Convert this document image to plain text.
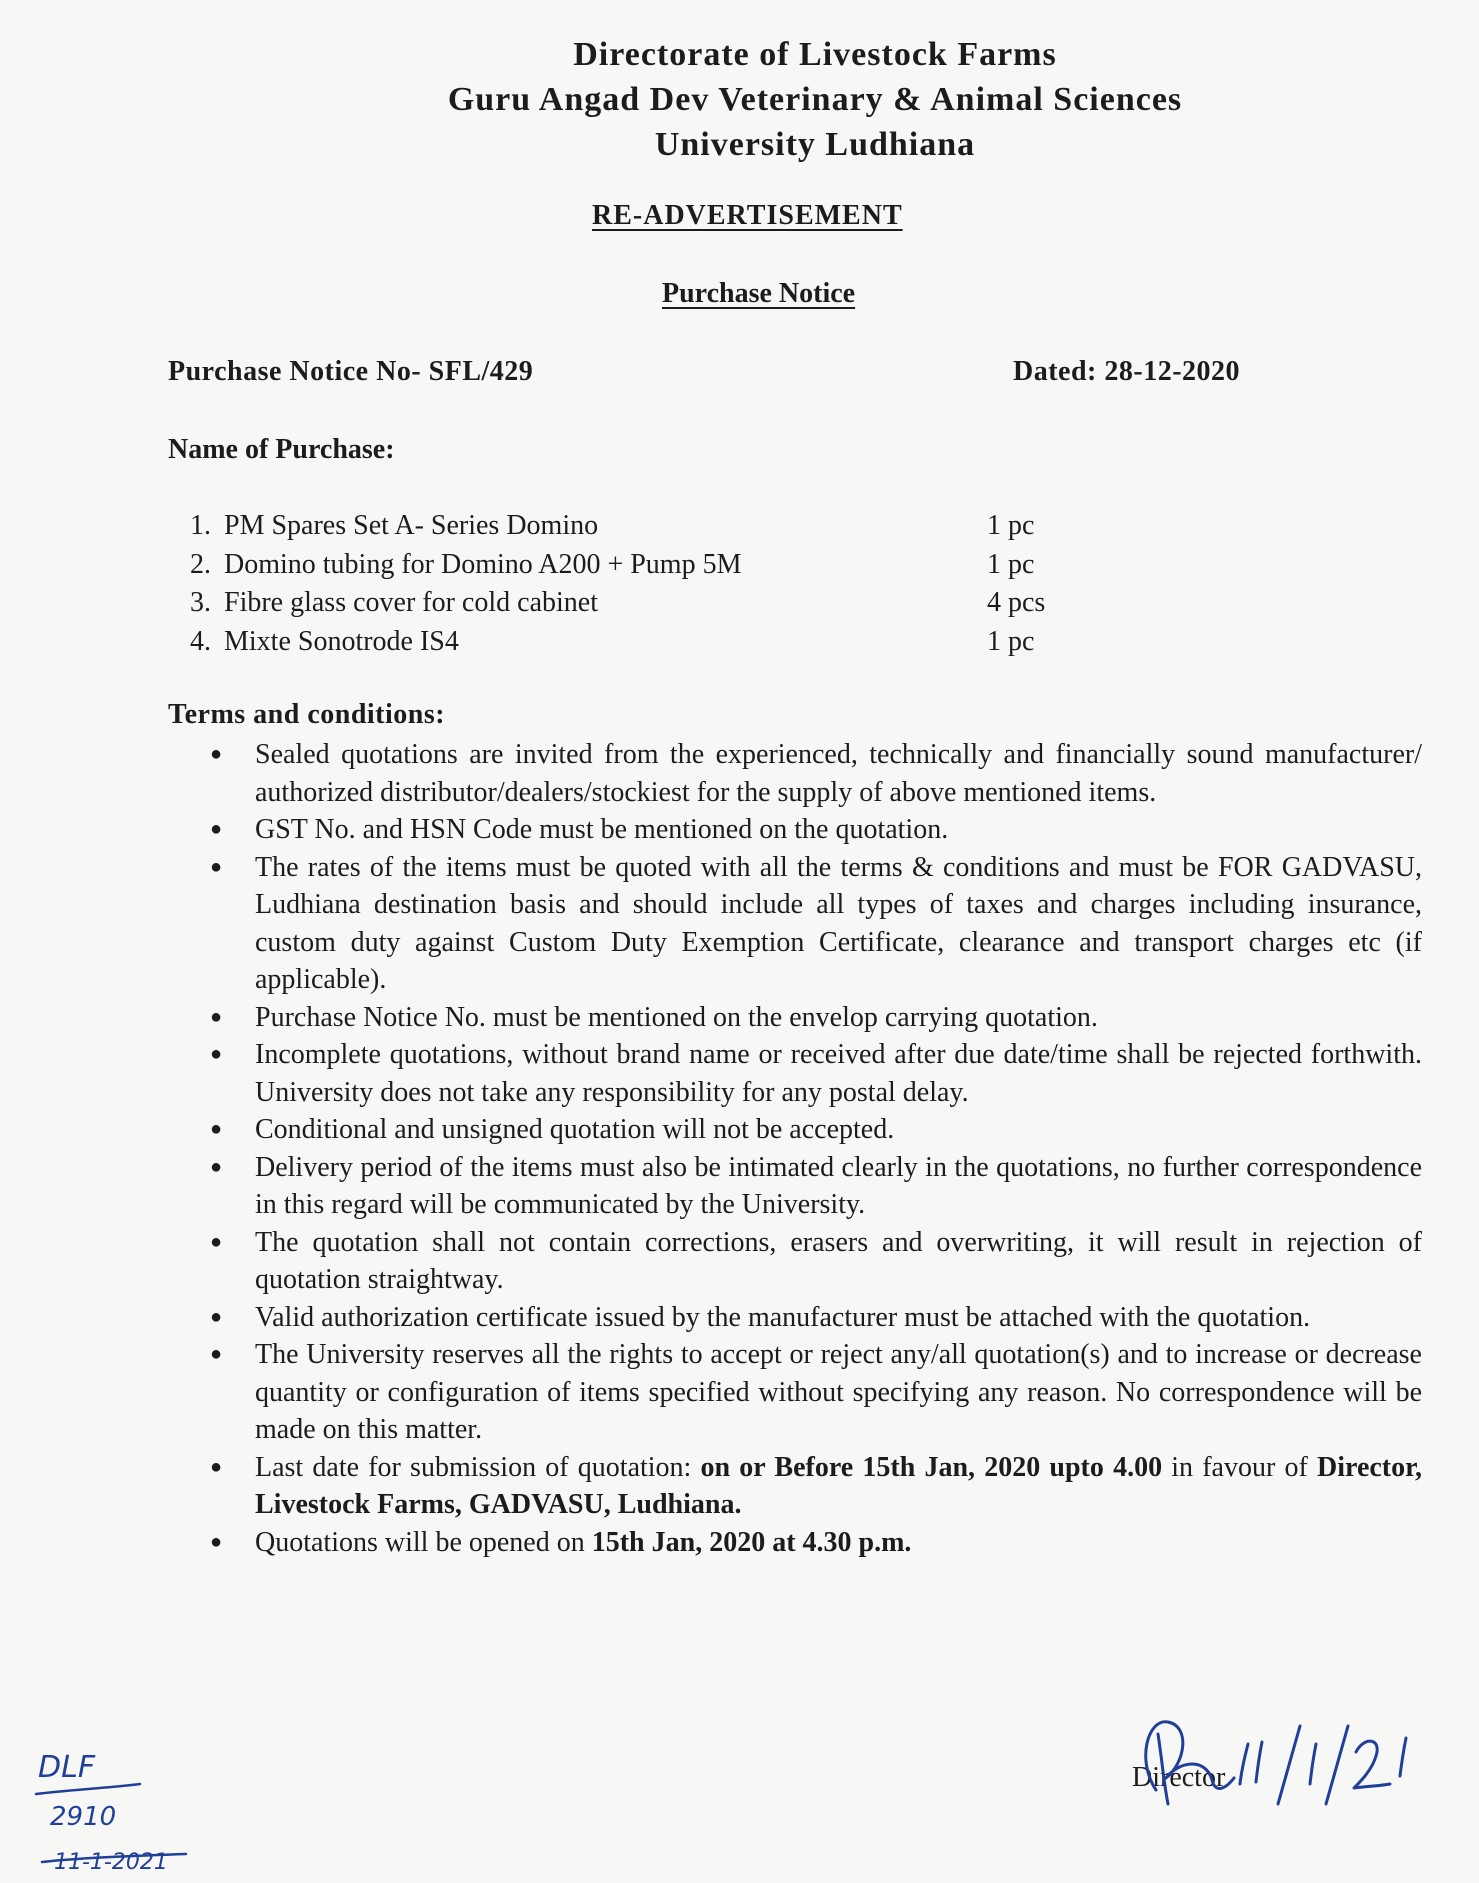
Directorate of Livestock Farms
Guru Angad Dev Veterinary & Animal Sciences
University Ludhiana
RE-ADVERTISEMENT
Purchase Notice
Purchase Notice No- SFL/429	Dated: 28-12-2020
Name of Purchase:
1. PM Spares Set A- Series Domino	1 pc
2. Domino tubing for Domino A200 + Pump 5M	1 pc
3. Fibre glass cover for cold cabinet	4 pcs
4. Mixte Sonotrode IS4	1 pc
Terms and conditions:
● Sealed quotations are invited from the experienced, technically and financially sound manufacturer/ authorized distributor/dealers/stockiest for the supply of above mentioned items.
● GST No. and HSN Code must be mentioned on the quotation.
● The rates of the items must be quoted with all the terms & conditions and must be FOR GADVASU, Ludhiana destination basis and should include all types of taxes and charges including insurance, custom duty against Custom Duty Exemption Certificate, clearance and transport charges etc (if applicable).
● Purchase Notice No. must be mentioned on the envelop carrying quotation.
● Incomplete quotations, without brand name or received after due date/time shall be rejected forthwith. University does not take any responsibility for any postal delay.
● Conditional and unsigned quotation will not be accepted.
● Delivery period of the items must also be intimated clearly in the quotations, no further correspondence in this regard will be communicated by the University.
● The quotation shall not contain corrections, erasers and overwriting, it will result in rejection of quotation straightway.
● Valid authorization certificate issued by the manufacturer must be attached with the quotation.
● The University reserves all the rights to accept or reject any/all quotation(s) and to increase or decrease quantity or configuration of items specified without specifying any reason. No correspondence will be made on this matter.
● Last date for submission of quotation: on or Before 15th Jan, 2020 upto 4.00 in favour of Director, Livestock Farms, GADVASU, Ludhiana.
● Quotations will be opened on 15th Jan, 2020 at 4.30 p.m.
Director
DLF
2910
11-1-2021
